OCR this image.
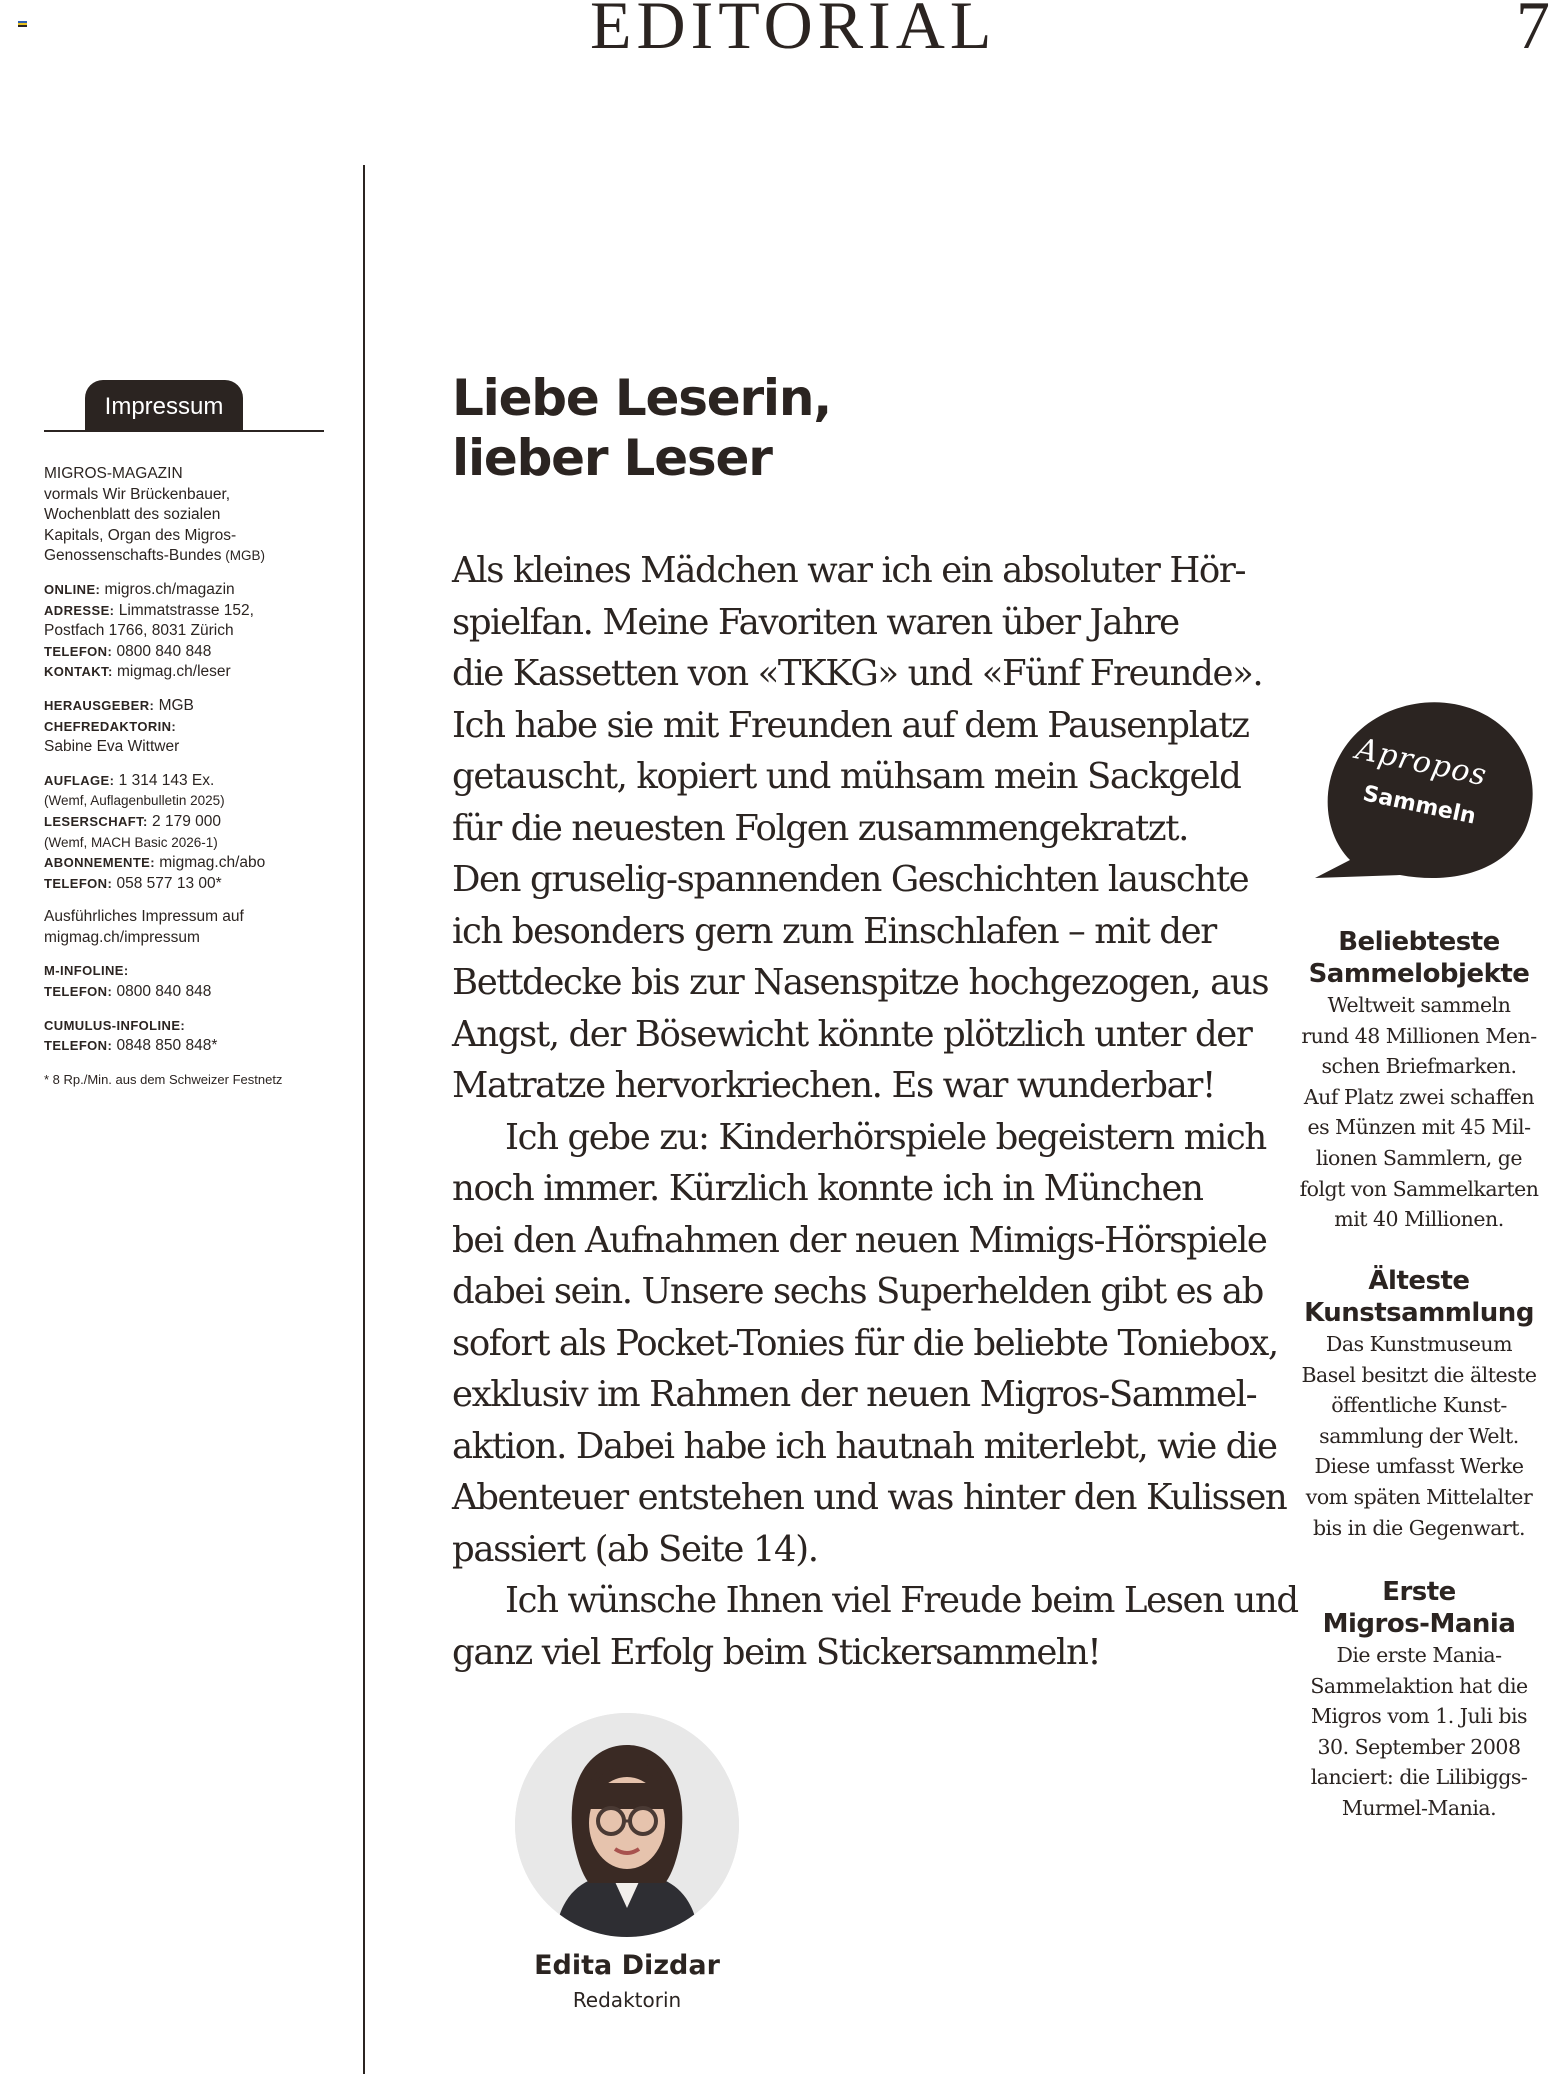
EDITORIAL	7
Impressum
MIGROS-MAGAZIN
vormals Wir Brückenbauer,
Wochenblatt des sozialen
Kapitals, Organ des Migros-
Genossenschafts-Bundes (MGB)
ONLINE: migros.ch/magazin
ADRESSE: Limmatstrasse 152,
Postfach 1766, 8031 Zürich
TELEFON: 0800 840 848
KONTAKT: migmag.ch/leser
HERAUSGEBER: MGB
CHEFREDAKTORIN:
Sabine Eva Wittwer
AUFLAGE: 1 314 143 Ex.
(Wemf, Auflagenbulletin 2025)
LESERSCHAFT: 2 179 000
(Wemf, MACH Basic 2026-1)
ABONNEMENTE: migmag.ch/abo
TELEFON: 058 577 13 00*
Ausführliches Impressum auf
migmag.ch/impressum
M-INFOLINE:
TELEFON: 0800 840 848
CUMULUS-INFOLINE:
TELEFON: 0848 850 848*
* 8 Rp./Min. aus dem Schweizer Festnetz
Liebe Leserin,
lieber Leser
Als kleines Mädchen war ich ein absoluter Hör-
spielfan. Meine Favoriten waren über Jahre
die Kassetten von «TKKG» und «Fünf Freunde».
Ich habe sie mit Freunden auf dem Pausenplatz
getauscht, kopiert und mühsam mein Sackgeld
für die neuesten Folgen zusammengekratzt.
Den gruselig-spannenden Geschichten lauschte
ich besonders gern zum Einschlafen – mit der
Bettdecke bis zur Nasenspitze hochgezogen, aus
Angst, der Bösewicht könnte plötzlich unter der
Matratze hervorkriechen. Es war wunderbar!
Ich gebe zu: Kinderhörspiele begeistern mich
noch immer. Kürzlich konnte ich in München
bei den Aufnahmen der neuen Mimigs-Hörspiele
dabei sein. Unsere sechs Superhelden gibt es ab
sofort als Pocket-Tonies für die beliebte Toniebox,
exklusiv im Rahmen der neuen Migros-Sammel-
aktion. Dabei habe ich hautnah miterlebt, wie die
Abenteuer entstehen und was hinter den Kulissen
passiert (ab Seite 14).
Ich wünsche Ihnen viel Freude beim Lesen und
ganz viel Erfolg beim Stickersammeln!
Edita Dizdar
Redaktorin
Apropos
Sammeln
Beliebteste
Sammelobjekte
Weltweit sammeln
rund 48 Millionen Men-
schen Briefmarken.
Auf Platz zwei schaffen
es Münzen mit 45 Mil-
lionen Sammlern, ge
folgt von Sammelkarten
mit 40 Millionen.
Älteste
Kunstsammlung
Das Kunstmuseum
Basel besitzt die älteste
öffentliche Kunst-
sammlung der Welt.
Diese umfasst Werke
vom späten Mittelalter
bis in die Gegenwart.
Erste
Migros-Mania
Die erste Mania-
Sammelaktion hat die
Migros vom 1. Juli bis
30. September 2008
lanciert: die Lilibiggs-
Murmel-Mania.
